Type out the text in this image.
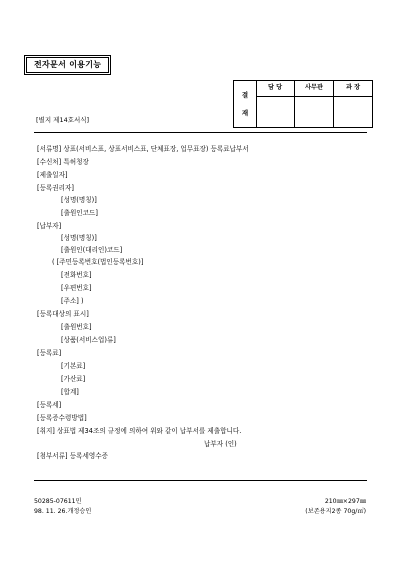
전자문서 이용기능
결
재
담 당	사무관	과 장
[별지 제14호서식]
[서류명] 상표(서비스표, 상표서비스표, 단체표장, 업무표장) 등록료납부서
[수신처] 특허청장
[제출일자]
[등록권리자]
[성명(명칭)]
[출원인코드]
[납부자]
[성명(명칭)]
[출원인(대리인)코드]
( [주민등록번호(법인등록번호)]
[전화번호]
[우편번호]
[주소] )
[등록대상의 표시]
[출원번호]
[상품(서비스업)류]
[등록료]
[기본료]
[가산료]
[합계]
[등록세]
[등록증수령방법]
[취지] 상표법 제34조의 규정에 의하여 위와 같이 납부서를 제출합니다.
납부자 (인)
[첨부서류] 등록세영수증
50285-07611민
98. 11. 26.개정승인
210㎜×297㎜
(보존용지2종 70g/㎡)
